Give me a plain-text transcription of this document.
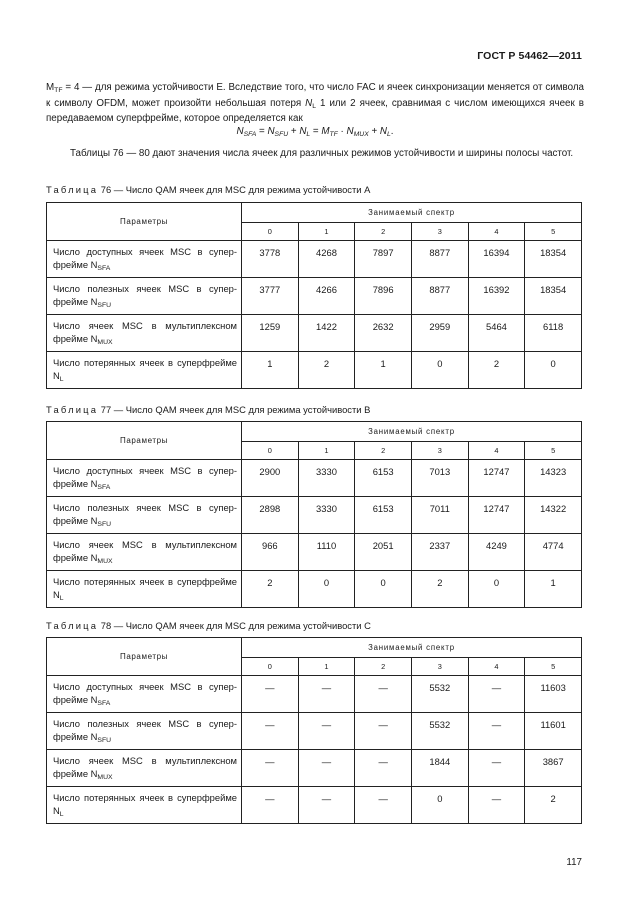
ГОСТ Р 54462—2011
$M_{TF} = 4$ — для режима устойчивости E. Вследствие того, что число FAC и ячеек синхронизации меняется от символа к символу OFDM, может произойти небольшая потеря $N_L$ 1 или 2 ячеек, сравнимая с числом имеющихся ячеек в передаваемом суперфрейме, которое определяется как
$N_{SFA} = N_{SFU} + N_L = M_{TF} \cdot N_{MUX} + N_L$.
Таблицы 76 — 80 дают значения числа ячеек для различных режимов устойчивости и ширины полосы частот.
Таблица 76 — Число QAM ячеек для MSC для режима устойчивости А
Параметры	Занимаемый спектр					
	0	1	2	3	4	5
Число доступных ячеек MSC в суперфрейме $N_{SFA}$	3778	4268	7897	8877	16394	18354
Число полезных ячеек MSC в суперфрейме $N_{SFU}$	3777	4266	7896	8877	16392	18354
Число ячеек MSC в мультиплексном фрейме $N_{MUX}$	1259	1422	2632	2959	5464	6118
Число потерянных ячеек в суперфрейме $N_L$	1	2	1	0	2	0
Таблица 77 — Число QAM ячеек для MSC для режима устойчивости В
Параметры	Занимаемый спектр					
	0	1	2	3	4	5
Число доступных ячеек MSC в суперфрейме $N_{SFA}$	2900	3330	6153	7013	12747	14323
Число полезных ячеек MSC в суперфрейме $N_{SFU}$	2898	3330	6153	7011	12747	14322
Число ячеек MSC в мультиплексном фрейме $N_{MUX}$	966	1110	2051	2337	4249	4774
Число потерянных ячеек в суперфрейме $N_L$	2	0	0	2	0	1
Таблица 78 — Число QAM ячеек для MSC для режима устойчивости С
Параметры	Занимаемый спектр					
	0	1	2	3	4	5
Число доступных ячеек MSC в суперфрейме $N_{SFA}$	—	—	—	5532	—	11603
Число полезных ячеек MSC в суперфрейме $N_{SFU}$	—	—	—	5532	—	11601
Число ячеек MSC в мультиплексном фрейме $N_{MUX}$	—	—	—	1844	—	3867
Число потерянных ячеек в суперфрейме $N_L$	—	—	—	0	—	2
117
